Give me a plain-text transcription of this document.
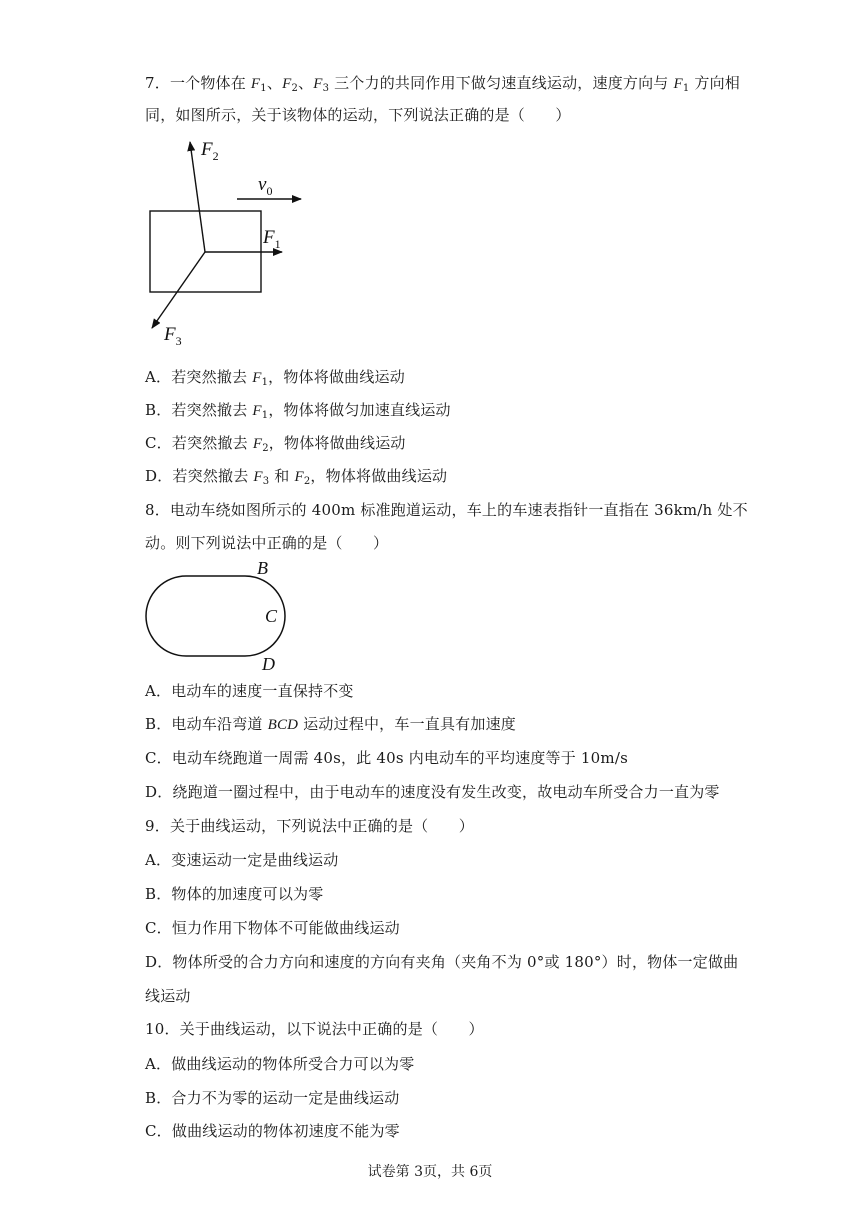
7．一个物体在 $F_1$、$F_2$、$F_3$ 三个力的共同作用下做匀速直线运动，速度方向与 $F_1$ 方向相
同，如图所示，关于该物体的运动，下列说法正确的是（　　）
$F_2$
$v_0$
$F_1$
$F_3$
A．若突然撤去 $F_1$，物体将做曲线运动
B．若突然撤去 $F_1$，物体将做匀加速直线运动
C．若突然撤去 $F_2$，物体将做曲线运动
D．若突然撤去 $F_3$ 和 $F_2$，物体将做曲线运动
8．电动车绕如图所示的 400m 标准跑道运动，车上的车速表指针一直指在 36km/h 处不
动。则下列说法中正确的是（　　）
B
C
D
A．电动车的速度一直保持不变
B．电动车沿弯道 BCD 运动过程中，车一直具有加速度
C．电动车绕跑道一周需 40s，此 40s 内电动车的平均速度等于 10m/s
D．绕跑道一圈过程中，由于电动车的速度没有发生改变，故电动车所受合力一直为零
9．关于曲线运动，下列说法中正确的是（　　）
A．变速运动一定是曲线运动
B．物体的加速度可以为零
C．恒力作用下物体不可能做曲线运动
D．物体所受的合力方向和速度的方向有夹角（夹角不为 0°或 180°）时，物体一定做曲
线运动
10．关于曲线运动，以下说法中正确的是（　　）
A．做曲线运动的物体所受合力可以为零
B．合力不为零的运动一定是曲线运动
C．做曲线运动的物体初速度不能为零
试卷第 3页，共 6页
